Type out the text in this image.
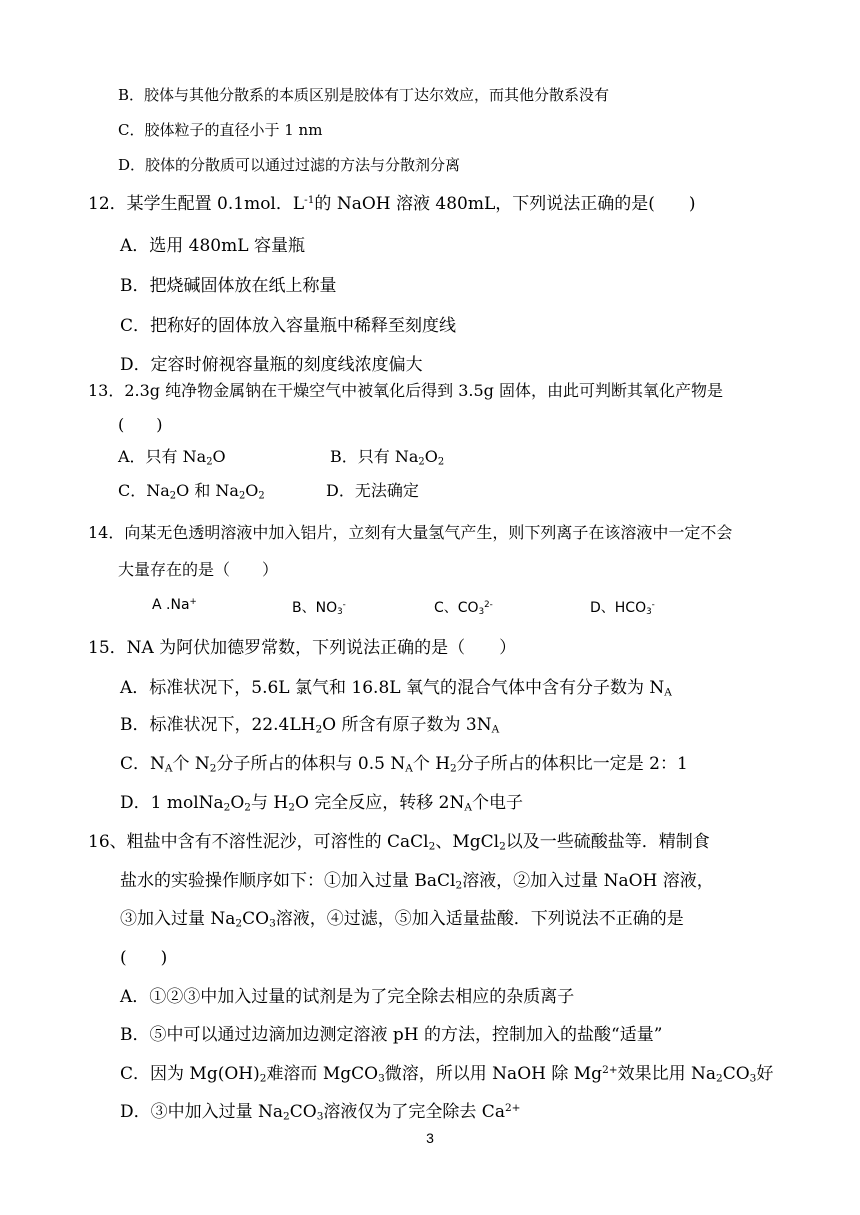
B．胶体与其他分散系的本质区别是胶体有丁达尔效应，而其他分散系没有
C．胶体粒子的直径小于 1 nm
D．胶体的分散质可以通过过滤的方法与分散剂分离
12．某学生配置 0.1mol．$L^{-1}$的 NaOH 溶液 480mL，下列说法正确的是(　　)
A．选用 480mL 容量瓶
B．把烧碱固体放在纸上称量
C．把称好的固体放入容量瓶中稀释至刻度线
D．定容时俯视容量瓶的刻度线浓度偏大
13．2.3g 纯净物金属钠在干燥空气中被氧化后得到 3.5g 固体，由此可判断其氧化产物是
(　　)
A．只有 $Na_2O$	B．只有 $Na_2O_2$
C．$Na_2O$ 和 $Na_2O_2$	D．无法确定
14．向某无色透明溶液中加入铝片，立刻有大量氢气产生，则下列离子在该溶液中一定不会
大量存在的是（　　）
A .Na+	B、$NO_3^-$	C、$CO_3^{2-}$	D、$HCO_3^-$
15．NA 为阿伏加德罗常数，下列说法正确的是（　　）
A．标准状况下，5.6L 氯气和 16.8L 氧气的混合气体中含有分子数为 $N_A$
B．标准状况下，$22.4LH_2O$ 所含有原子数为 $3N_A$
C．$N_A$个 $N_2$分子所占的体积与 0.5 $N_A$个 $H_2$分子所占的体积比一定是 2：1
D．1 $molNa_2O_2$与 $H_2O$ 完全反应，转移 $2N_A$个电子
16、粗盐中含有不溶性泥沙，可溶性的 CaCl$_2$、MgCl$_2$以及一些硫酸盐等．精制食
盐水的实验操作顺序如下：①加入过量 BaCl$_2$溶液，②加入过量 NaOH 溶液，
③加入过量 $Na_2CO_3$溶液，④过滤，⑤加入适量盐酸．下列说法不正确的是
(　　)
A．①②③中加入过量的试剂是为了完全除去相应的杂质离子
B．⑤中可以通过边滴加边测定溶液 pH 的方法，控制加入的盐酸“适量”
C．因为 $Mg(OH)_2$难溶而 MgCO$_3$微溶，所以用 NaOH 除 $Mg^{2+}$效果比用 $Na_2CO_3$好
D．③中加入过量 $Na_2CO_3$溶液仅为了完全除去 $Ca^{2+}$
3
